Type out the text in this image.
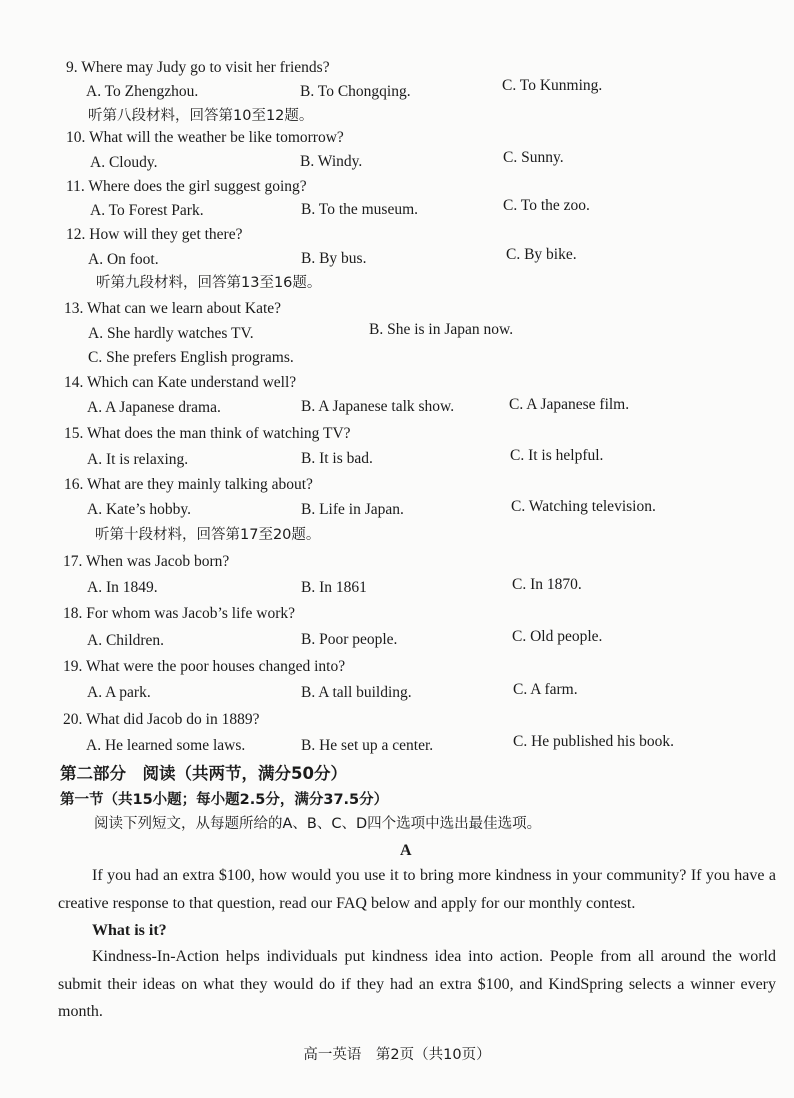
9. Where may Judy go to visit her friends?
A. To Zhengzhou.	B. To Chongqing.	C. To Kunming.
听第八段材料，回答第10至12题。
10. What will the weather be like tomorrow?
A. Cloudy.	B. Windy.	C. Sunny.
11. Where does the girl suggest going?
A. To Forest Park.	B. To the museum.	C. To the zoo.
12. How will they get there?
A. On foot.	B. By bus.	C. By bike.
听第九段材料，回答第13至16题。
13. What can we learn about Kate?
A. She hardly watches TV.	B. She is in Japan now.
C. She prefers English programs.
14. Which can Kate understand well?
A. A Japanese drama.	B. A Japanese talk show.	C. A Japanese film.
15. What does the man think of watching TV?
A. It is relaxing.	B. It is bad.	C. It is helpful.
16. What are they mainly talking about?
A. Kate’s hobby.	B. Life in Japan.	C. Watching television.
听第十段材料，回答第17至20题。
17. When was Jacob born?
A. In 1849.	B. In 1861	C. In 1870.
18. For whom was Jacob’s life work?
A. Children.	B. Poor people.	C. Old people.
19. What were the poor houses changed into?
A. A park.	B. A tall building.	C. A farm.
20. What did Jacob do in 1889?
A. He learned some laws.	B. He set up a center.	C. He published his book.
第二部分　阅读（共两节，满分50分）
第一节（共15小题；每小题2.5分，满分37.5分）
阅读下列短文，从每题所给的A、B、C、D四个选项中选出最佳选项。
A
If you had an extra $100, how would you use it to bring more kindness in your community? If you have a creative response to that question, read our FAQ below and apply for our monthly contest.
What is it?
Kindness-In-Action helps individuals put kindness idea into action. People from all around the world submit their ideas on what they would do if they had an extra $100, and KindSpring selects a winner every month.
高一英语　第2页（共10页）
